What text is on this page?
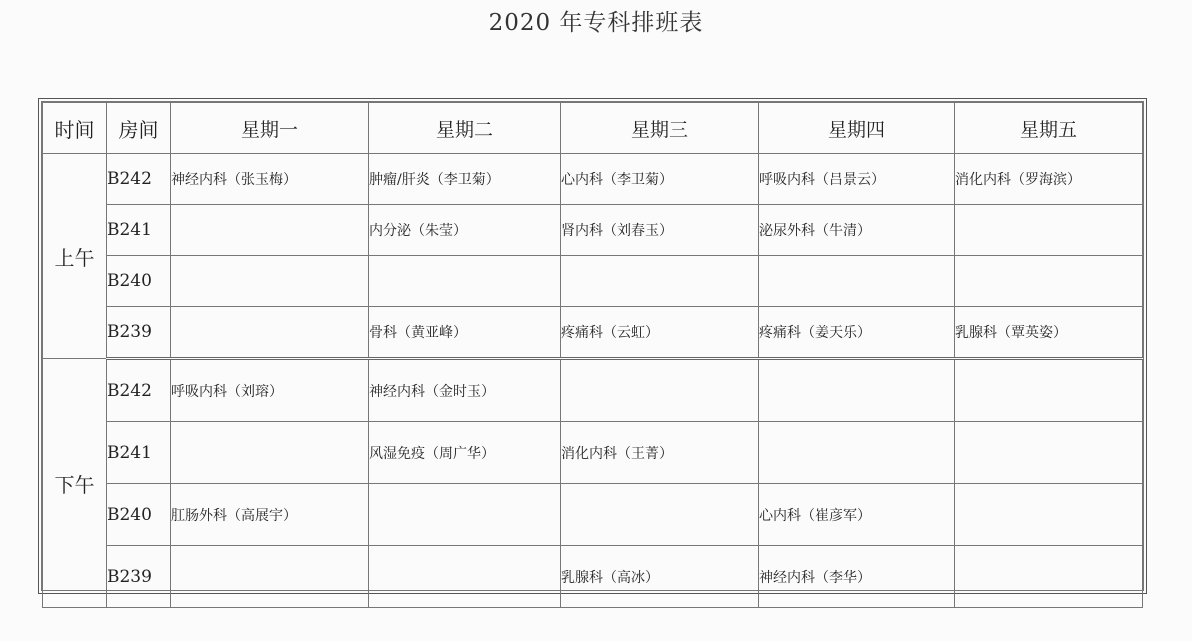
2020 年专科排班表
时间	房间	星期一	星期二	星期三	星期四	星期五
上午	B242	神经内科（张玉梅）	肿瘤/肝炎（李卫菊）	心内科（李卫菊）	呼吸内科（吕景云）	消化内科（罗海滨）
	B241		内分泌（朱莹）	肾内科（刘春玉）	泌尿外科（牛清）	
	B240					
	B239		骨科（黄亚峰）	疼痛科（云虹）	疼痛科（姜天乐）	乳腺科（覃英姿）
下午	B242	呼吸内科（刘瑢）	神经内科（金时玉）			
	B241		风湿免疫（周广华）	消化内科（王菁）		
	B240	肛肠外科（高展宇）			心内科（崔彦军）	
	B239			乳腺科（高冰）	神经内科（李华）	
